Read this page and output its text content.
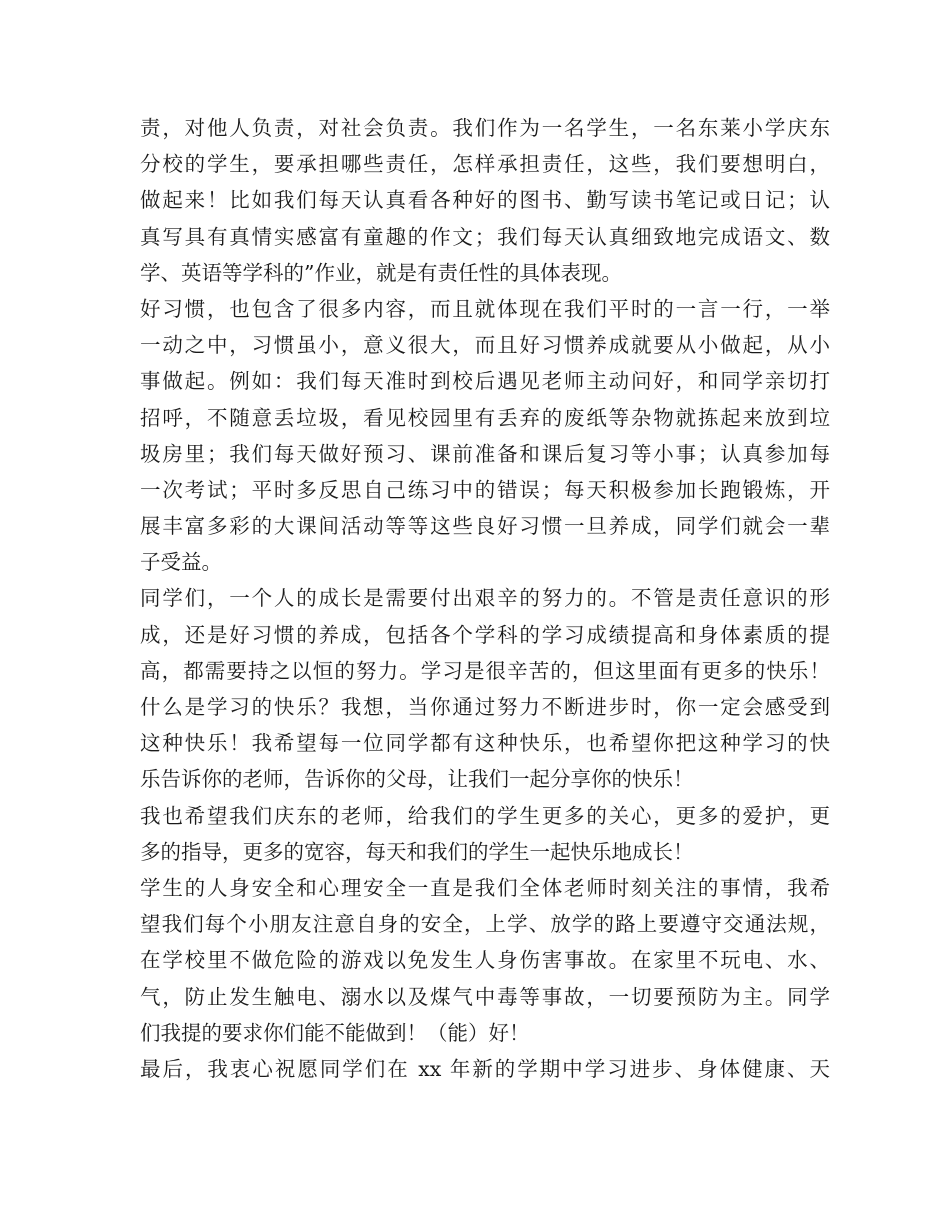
责，对他人负责，对社会负责。我们作为一名学生，一名东莱小学庆东
分校的学生，要承担哪些责任，怎样承担责任，这些，我们要想明白，
做起来！比如我们每天认真看各种好的图书、勤写读书笔记或日记；认
真写具有真情实感富有童趣的作文；我们每天认真细致地完成语文、数
学、英语等学科的”作业，就是有责任性的具体表现。
好习惯，也包含了很多内容，而且就体现在我们平时的一言一行，一举
一动之中，习惯虽小，意义很大，而且好习惯养成就要从小做起，从小
事做起。例如：我们每天准时到校后遇见老师主动问好，和同学亲切打
招呼，不随意丢垃圾，看见校园里有丢弃的废纸等杂物就拣起来放到垃
圾房里；我们每天做好预习、课前准备和课后复习等小事；认真参加每
一次考试；平时多反思自己练习中的错误；每天积极参加长跑锻炼，开
展丰富多彩的大课间活动等等这些良好习惯一旦养成，同学们就会一辈
子受益。
同学们，一个人的成长是需要付出艰辛的努力的。不管是责任意识的形
成，还是好习惯的养成，包括各个学科的学习成绩提高和身体素质的提
高，都需要持之以恒的努力。学习是很辛苦的，但这里面有更多的快乐！
什么是学习的快乐？我想，当你通过努力不断进步时，你一定会感受到
这种快乐！我希望每一位同学都有这种快乐，也希望你把这种学习的快
乐告诉你的老师，告诉你的父母，让我们一起分享你的快乐！
我也希望我们庆东的老师，给我们的学生更多的关心，更多的爱护，更
多的指导，更多的宽容，每天和我们的学生一起快乐地成长！
学生的人身安全和心理安全一直是我们全体老师时刻关注的事情，我希
望我们每个小朋友注意自身的安全，上学、放学的路上要遵守交通法规，
在学校里不做危险的游戏以免发生人身伤害事故。在家里不玩电、水、
气，防止发生触电、溺水以及煤气中毒等事故，一切要预防为主。同学
们我提的要求你们能不能做到！（能）好！
最后，我衷心祝愿同学们在 xx 年新的学期中学习进步、身体健康、天
